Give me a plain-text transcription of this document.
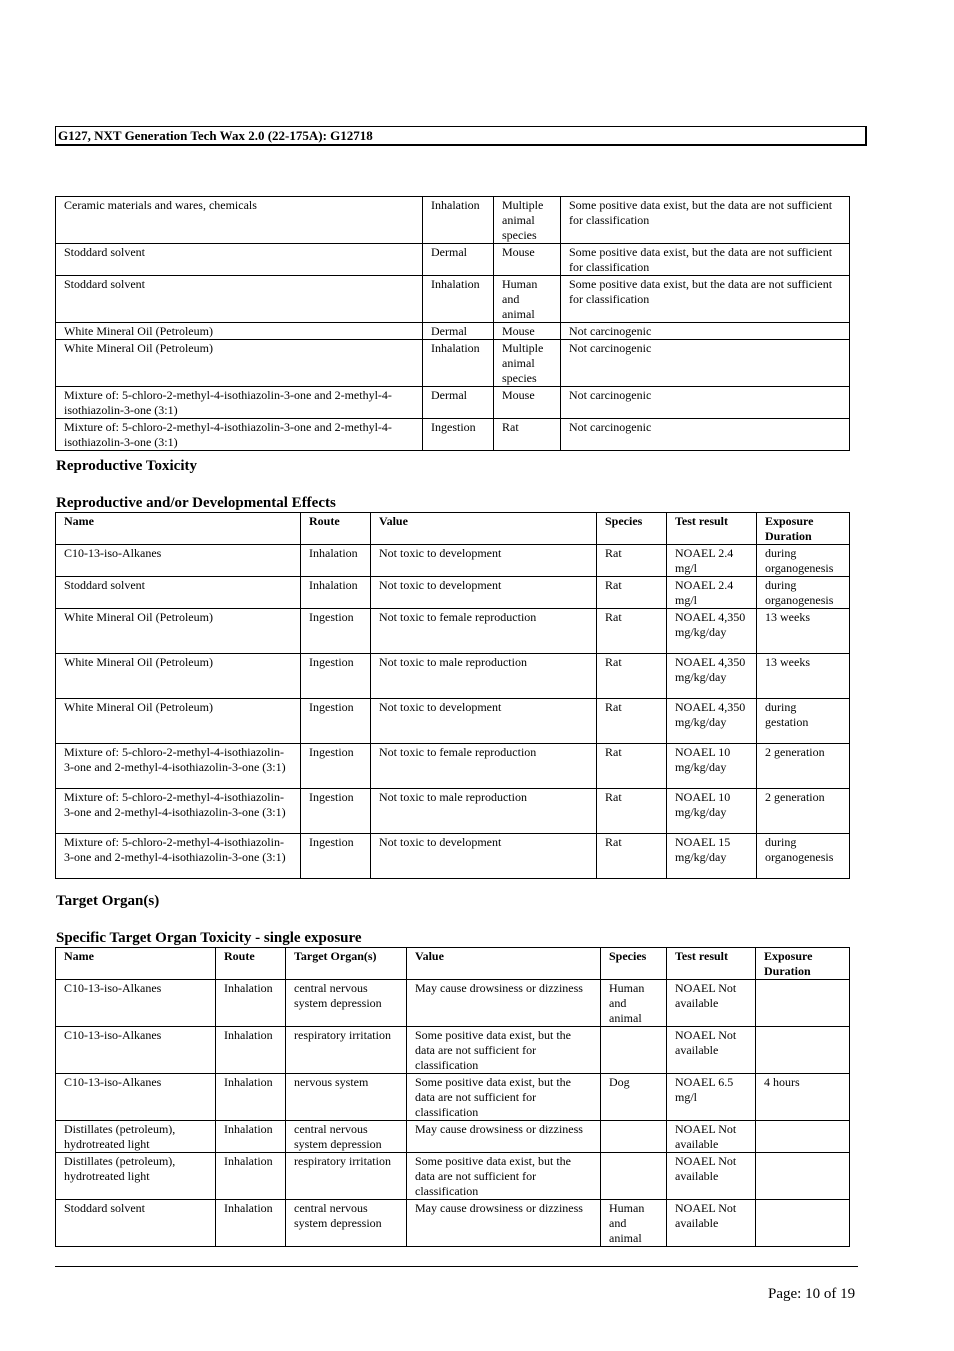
G127, NXT Generation Tech Wax 2.0 (22-175A): G12718
Ceramic materials and wares, chemicals	Inhalation	Multiple animal species	Some positive data exist, but the data are not sufficient for classification
Stoddard solvent	Dermal	Mouse	Some positive data exist, but the data are not sufficient for classification
Stoddard solvent	Inhalation	Human and animal	Some positive data exist, but the data are not sufficient for classification
White Mineral Oil (Petroleum)	Dermal	Mouse	Not carcinogenic
White Mineral Oil (Petroleum)	Inhalation	Multiple animal species	Not carcinogenic
Mixture of: 5-chloro-2-methyl-4-isothiazolin-3-one and 2-methyl-4-isothiazolin-3-one (3:1)	Dermal	Mouse	Not carcinogenic
Mixture of: 5-chloro-2-methyl-4-isothiazolin-3-one and 2-methyl-4-isothiazolin-3-one (3:1)	Ingestion	Rat	Not carcinogenic
Reproductive Toxicity
Reproductive and/or Developmental Effects
Name	Route	Value	Species	Test result	Exposure Duration
C10-13-iso-Alkanes	Inhalation	Not toxic to development	Rat	NOAEL 2.4 mg/l	during organogenesis
Stoddard solvent	Inhalation	Not toxic to development	Rat	NOAEL 2.4 mg/l	during organogenesis
White Mineral Oil (Petroleum)	Ingestion	Not toxic to female reproduction	Rat	NOAEL 4,350 mg/kg/day	13 weeks
White Mineral Oil (Petroleum)	Ingestion	Not toxic to male reproduction	Rat	NOAEL 4,350 mg/kg/day	13 weeks
White Mineral Oil (Petroleum)	Ingestion	Not toxic to development	Rat	NOAEL 4,350 mg/kg/day	during gestation
Mixture of: 5-chloro-2-methyl-4-isothiazolin-3-one and 2-methyl-4-isothiazolin-3-one (3:1)	Ingestion	Not toxic to female reproduction	Rat	NOAEL 10 mg/kg/day	2 generation
Mixture of: 5-chloro-2-methyl-4-isothiazolin-3-one and 2-methyl-4-isothiazolin-3-one (3:1)	Ingestion	Not toxic to male reproduction	Rat	NOAEL 10 mg/kg/day	2 generation
Mixture of: 5-chloro-2-methyl-4-isothiazolin-3-one and 2-methyl-4-isothiazolin-3-one (3:1)	Ingestion	Not toxic to development	Rat	NOAEL 15 mg/kg/day	during organogenesis
Target Organ(s)
Specific Target Organ Toxicity - single exposure
Name	Route	Target Organ(s)	Value	Species	Test result	Exposure Duration
C10-13-iso-Alkanes	Inhalation	central nervous system depression	May cause drowsiness or dizziness	Human and animal	NOAEL Not available	
C10-13-iso-Alkanes	Inhalation	respiratory irritation	Some positive data exist, but the data are not sufficient for classification		NOAEL Not available	
C10-13-iso-Alkanes	Inhalation	nervous system	Some positive data exist, but the data are not sufficient for classification	Dog	NOAEL 6.5 mg/l	4 hours
Distillates (petroleum), hydrotreated light	Inhalation	central nervous system depression	May cause drowsiness or dizziness		NOAEL Not available	
Distillates (petroleum), hydrotreated light	Inhalation	respiratory irritation	Some positive data exist, but the data are not sufficient for classification		NOAEL Not available	
Stoddard solvent	Inhalation	central nervous system depression	May cause drowsiness or dizziness	Human and animal	NOAEL Not available	
Page: 10 of 19
